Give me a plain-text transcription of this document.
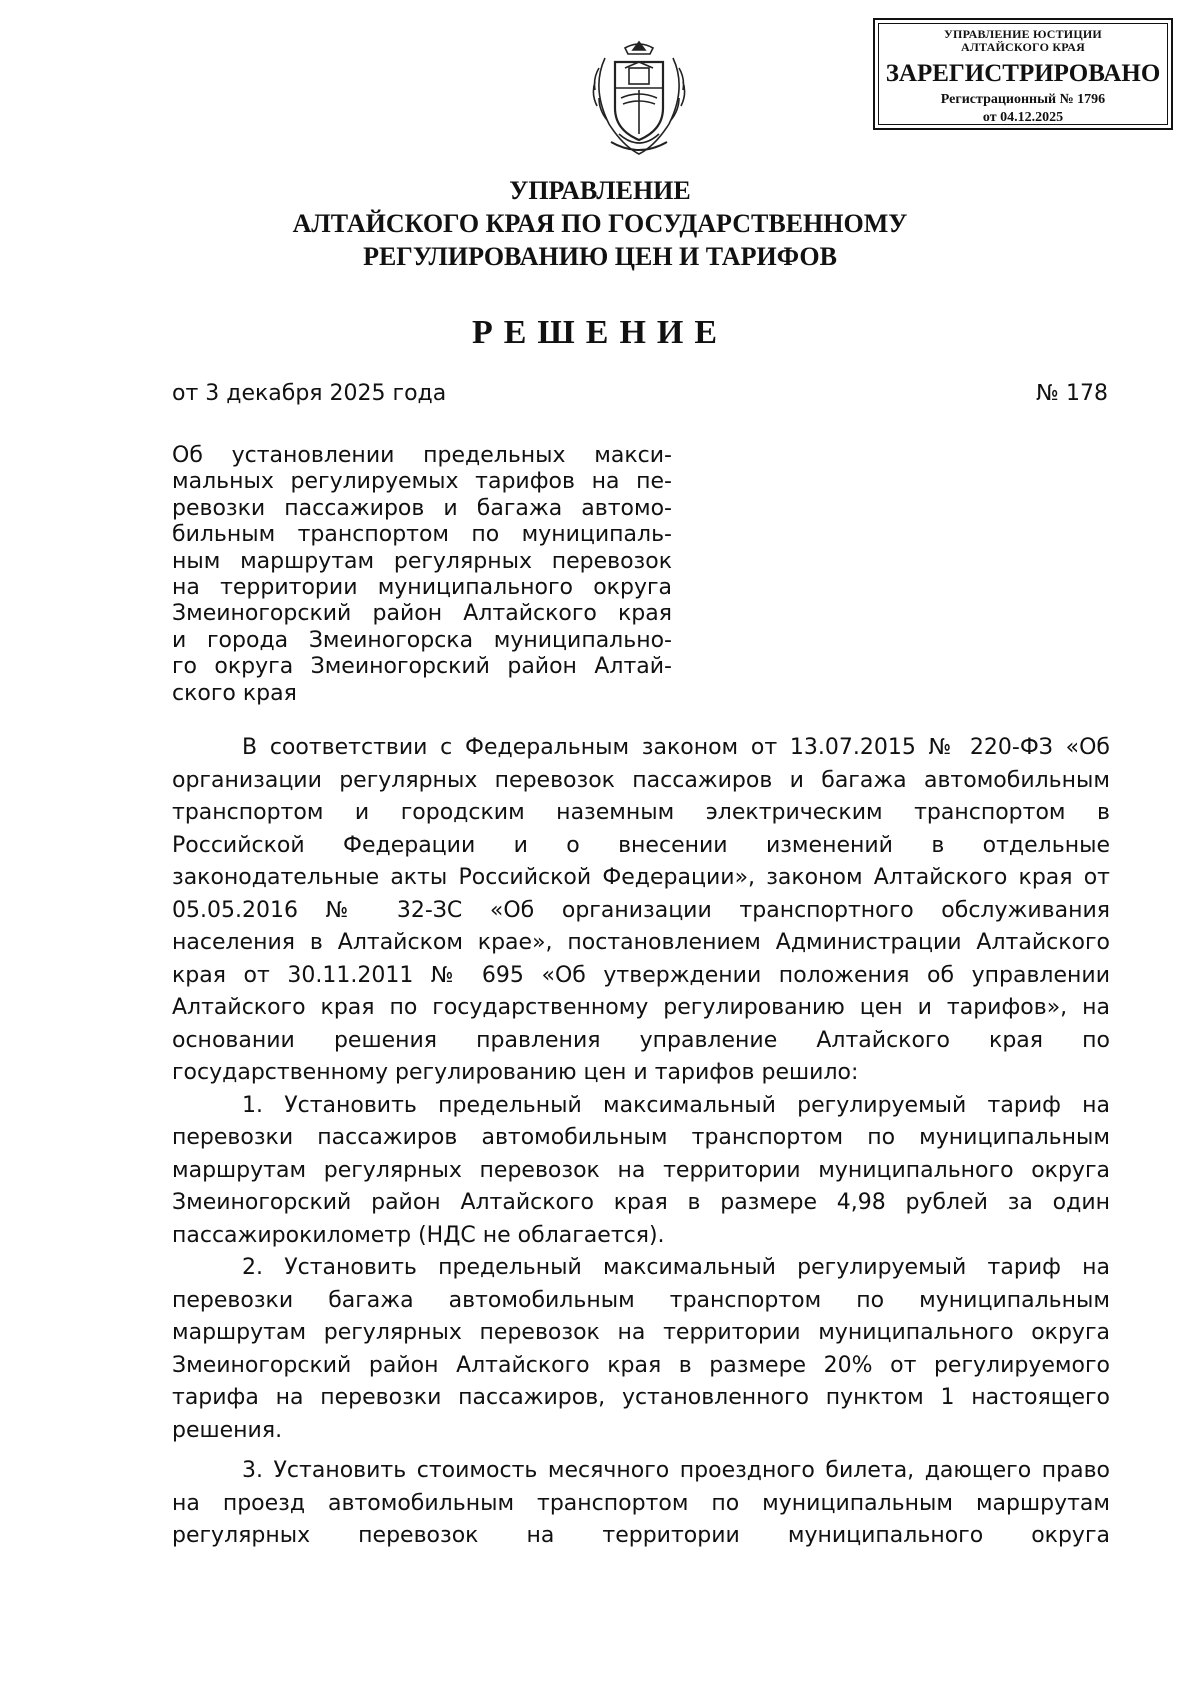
УПРАВЛЕНИЕ ЮСТИЦИИ
АЛТАЙСКОГО КРАЯ
ЗАРЕГИСТРИРОВАНО
Регистрационный № 1796
от 04.12.2025
УПРАВЛЕНИЕ
АЛТАЙСКОГО КРАЯ ПО ГОСУДАРСТВЕННОМУ
РЕГУЛИРОВАНИЮ ЦЕН И ТАРИФОВ
РЕШЕНИЕ
от 3 декабря 2025 года	№ 178
Об установлении предельных макси-
мальных регулируемых тарифов на пе-
ревозки пассажиров и багажа автомо-
бильным транспортом по муниципаль-
ным маршрутам регулярных перевозок
на территории муниципального округа
Змеиногорский район Алтайского края
и города Змеиногорска муниципально-
го округа Змеиногорский район Алтай-
ского края
В соответствии с Федеральным законом от 13.07.2015 № 220-ФЗ «Об
организации регулярных перевозок пассажиров и багажа автомобильным
транспортом и городским наземным электрическим транспортом в
Российской Федерации и о внесении изменений в отдельные
законодательные акты Российской Федерации», законом Алтайского края от
05.05.2016 № 32-ЗС «Об организации транспортного обслуживания
населения в Алтайском крае», постановлением Администрации Алтайского
края от 30.11.2011 № 695 «Об утверждении положения об управлении
Алтайского края по государственному регулированию цен и тарифов», на
основании решения правления управление Алтайского края по
государственному регулированию цен и тарифов решило:
1. Установить предельный максимальный регулируемый тариф на
перевозки пассажиров автомобильным транспортом по муниципальным
маршрутам регулярных перевозок на территории муниципального округа
Змеиногорский район Алтайского края в размере 4,98 рублей за один
пассажирокилометр (НДС не облагается).
2. Установить предельный максимальный регулируемый тариф на
перевозки багажа автомобильным транспортом по муниципальным
маршрутам регулярных перевозок на территории муниципального округа
Змеиногорский район Алтайского края в размере 20% от регулируемого
тарифа на перевозки пассажиров, установленного пунктом 1 настоящего
решения.
3. Установить стоимость месячного проездного билета, дающего право
на проезд автомобильным транспортом по муниципальным маршрутам
регулярных перевозок на территории муниципального округа
